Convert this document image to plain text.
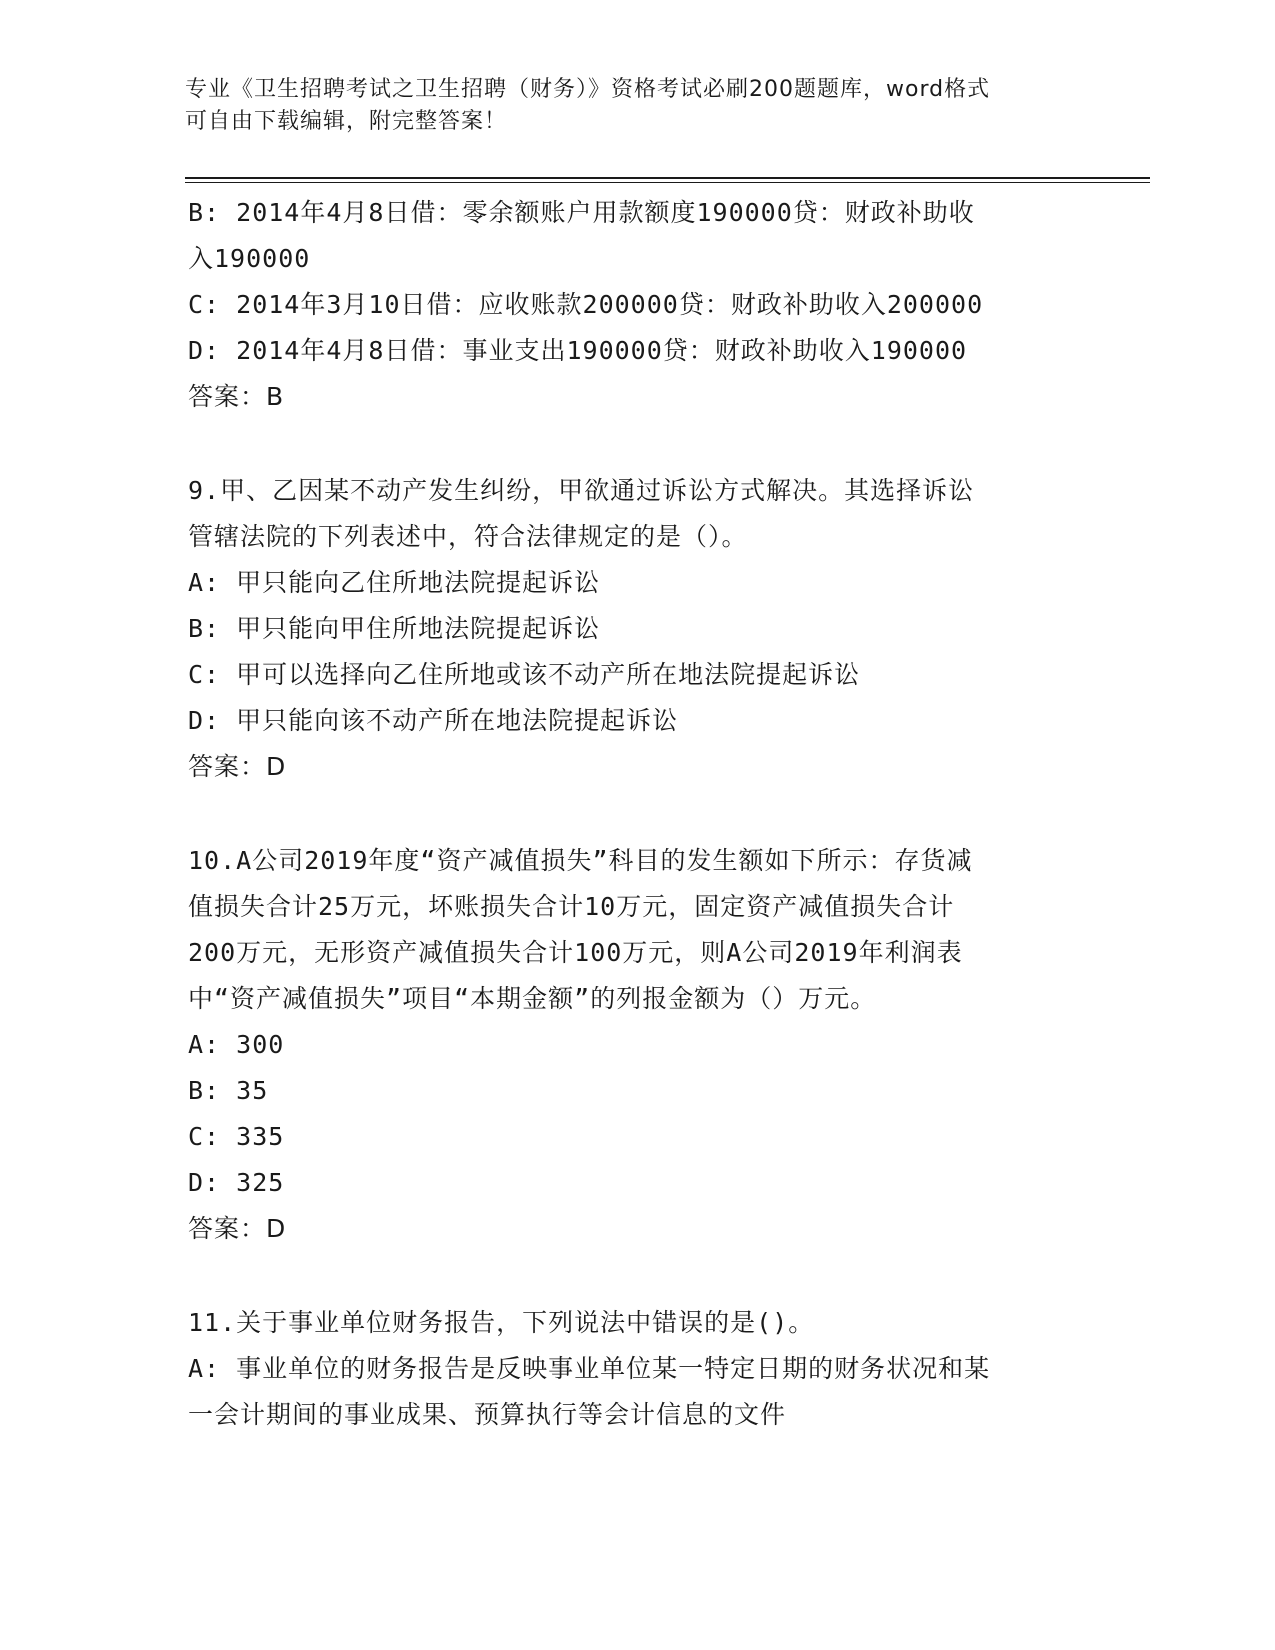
专业《卫生招聘考试之卫生招聘（财务）》资格考试必刷200题题库，word格式
可自由下载编辑，附完整答案！
B: 2014年4月8日借：零余额账户用款额度190000贷：财政补助收
入190000
C: 2014年3月10日借：应收账款200000贷：财政补助收入200000
D: 2014年4月8日借：事业支出190000贷：财政补助收入190000
答案：B
9.甲、乙因某不动产发生纠纷，甲欲通过诉讼方式解决。其选择诉讼
管辖法院的下列表述中，符合法律规定的是（）。
A: 甲只能向乙住所地法院提起诉讼
B: 甲只能向甲住所地法院提起诉讼
C: 甲可以选择向乙住所地或该不动产所在地法院提起诉讼
D: 甲只能向该不动产所在地法院提起诉讼
答案：D
10.A公司2019年度“资产减值损失”科目的发生额如下所示：存货减
值损失合计25万元，坏账损失合计10万元，固定资产减值损失合计
200万元，无形资产减值损失合计100万元，则A公司2019年利润表
中“资产减值损失”项目“本期金额”的列报金额为（）万元。
A: 300
B: 35
C: 335
D: 325
答案：D
11.关于事业单位财务报告，下列说法中错误的是()。
A: 事业单位的财务报告是反映事业单位某一特定日期的财务状况和某
一会计期间的事业成果、预算执行等会计信息的文件
